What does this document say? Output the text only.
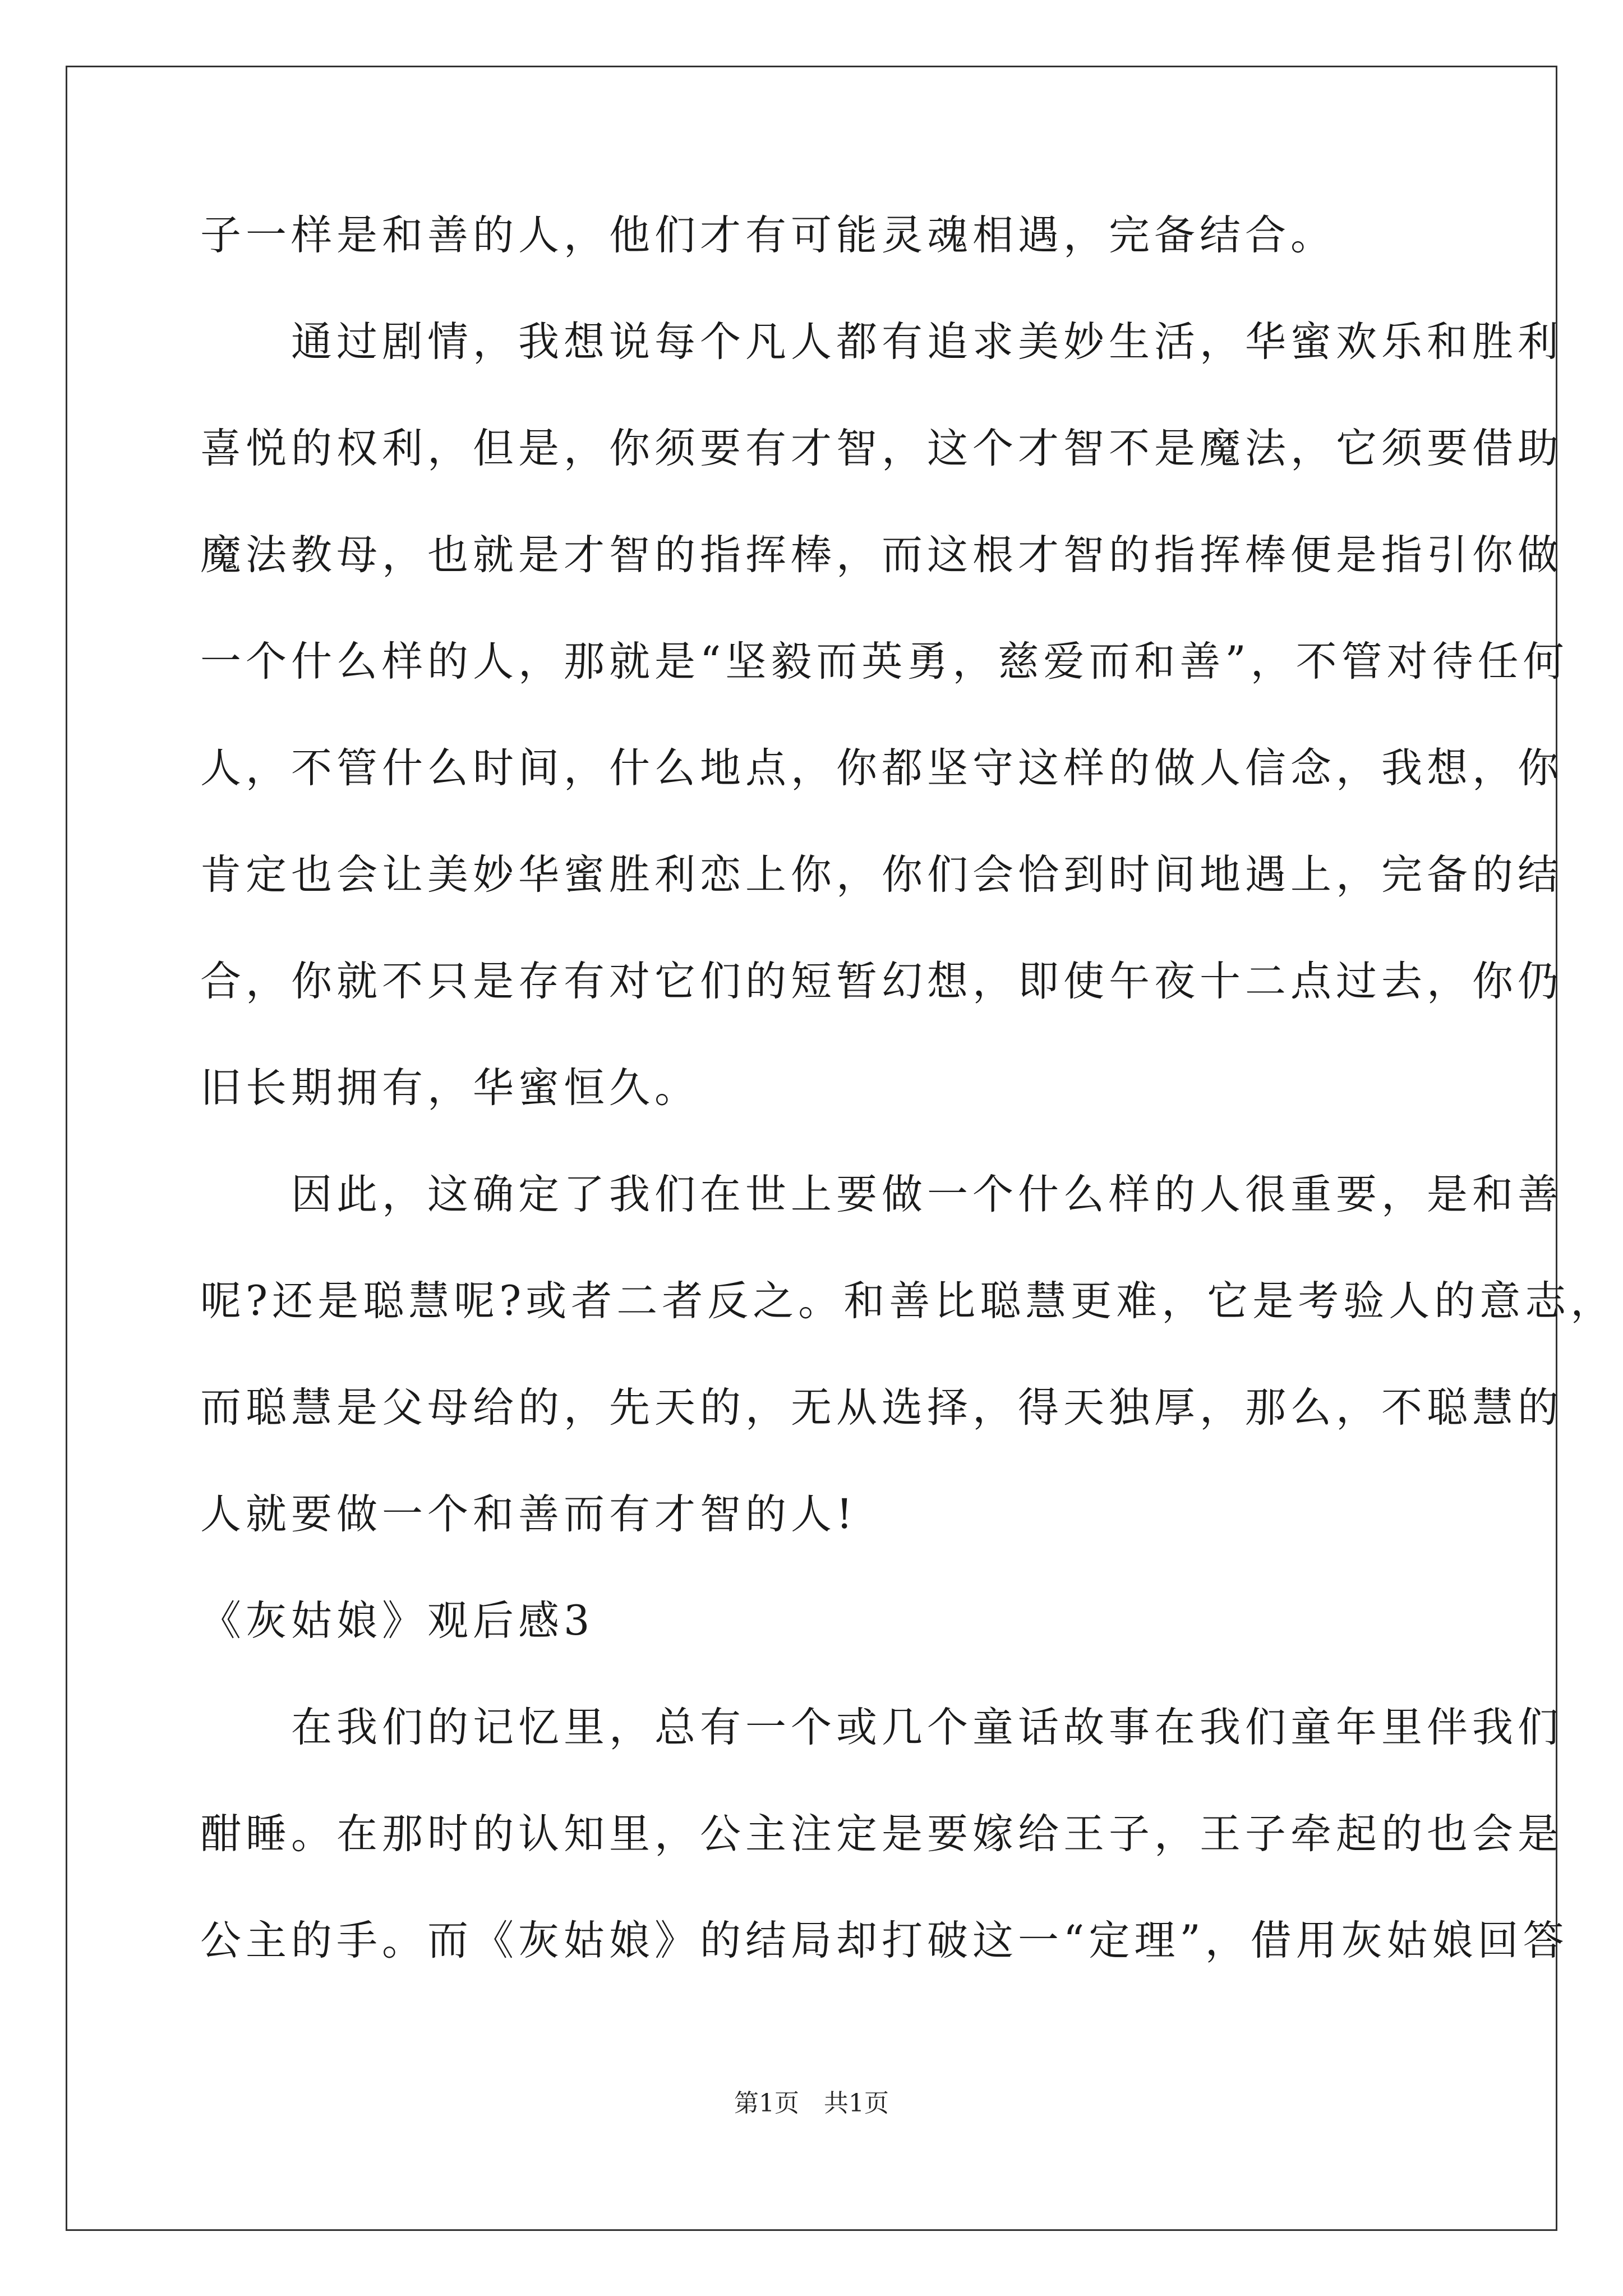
子一样是和善的人，他们才有可能灵魂相遇，完备结合。
　　通过剧情，我想说每个凡人都有追求美妙生活，华蜜欢乐和胜利
喜悦的权利，但是，你须要有才智，这个才智不是魔法，它须要借助
魔法教母，也就是才智的指挥棒，而这根才智的指挥棒便是指引你做
一个什么样的人，那就是“坚毅而英勇，慈爱而和善”，不管对待任何
人，不管什么时间，什么地点，你都坚守这样的做人信念，我想，你
肯定也会让美妙华蜜胜利恋上你，你们会恰到时间地遇上，完备的结
合，你就不只是存有对它们的短暂幻想，即使午夜十二点过去，你仍
旧长期拥有，华蜜恒久。
　　因此，这确定了我们在世上要做一个什么样的人很重要，是和善
呢?还是聪慧呢?或者二者反之。和善比聪慧更难，它是考验人的意志，
而聪慧是父母给的，先天的，无从选择，得天独厚，那么，不聪慧的
人就要做一个和善而有才智的人!
《灰姑娘》观后感3
　　在我们的记忆里，总有一个或几个童话故事在我们童年里伴我们
酣睡。在那时的认知里，公主注定是要嫁给王子，王子牵起的也会是
公主的手。而《灰姑娘》的结局却打破这一“定理”，借用灰姑娘回答
第1页　共1页
